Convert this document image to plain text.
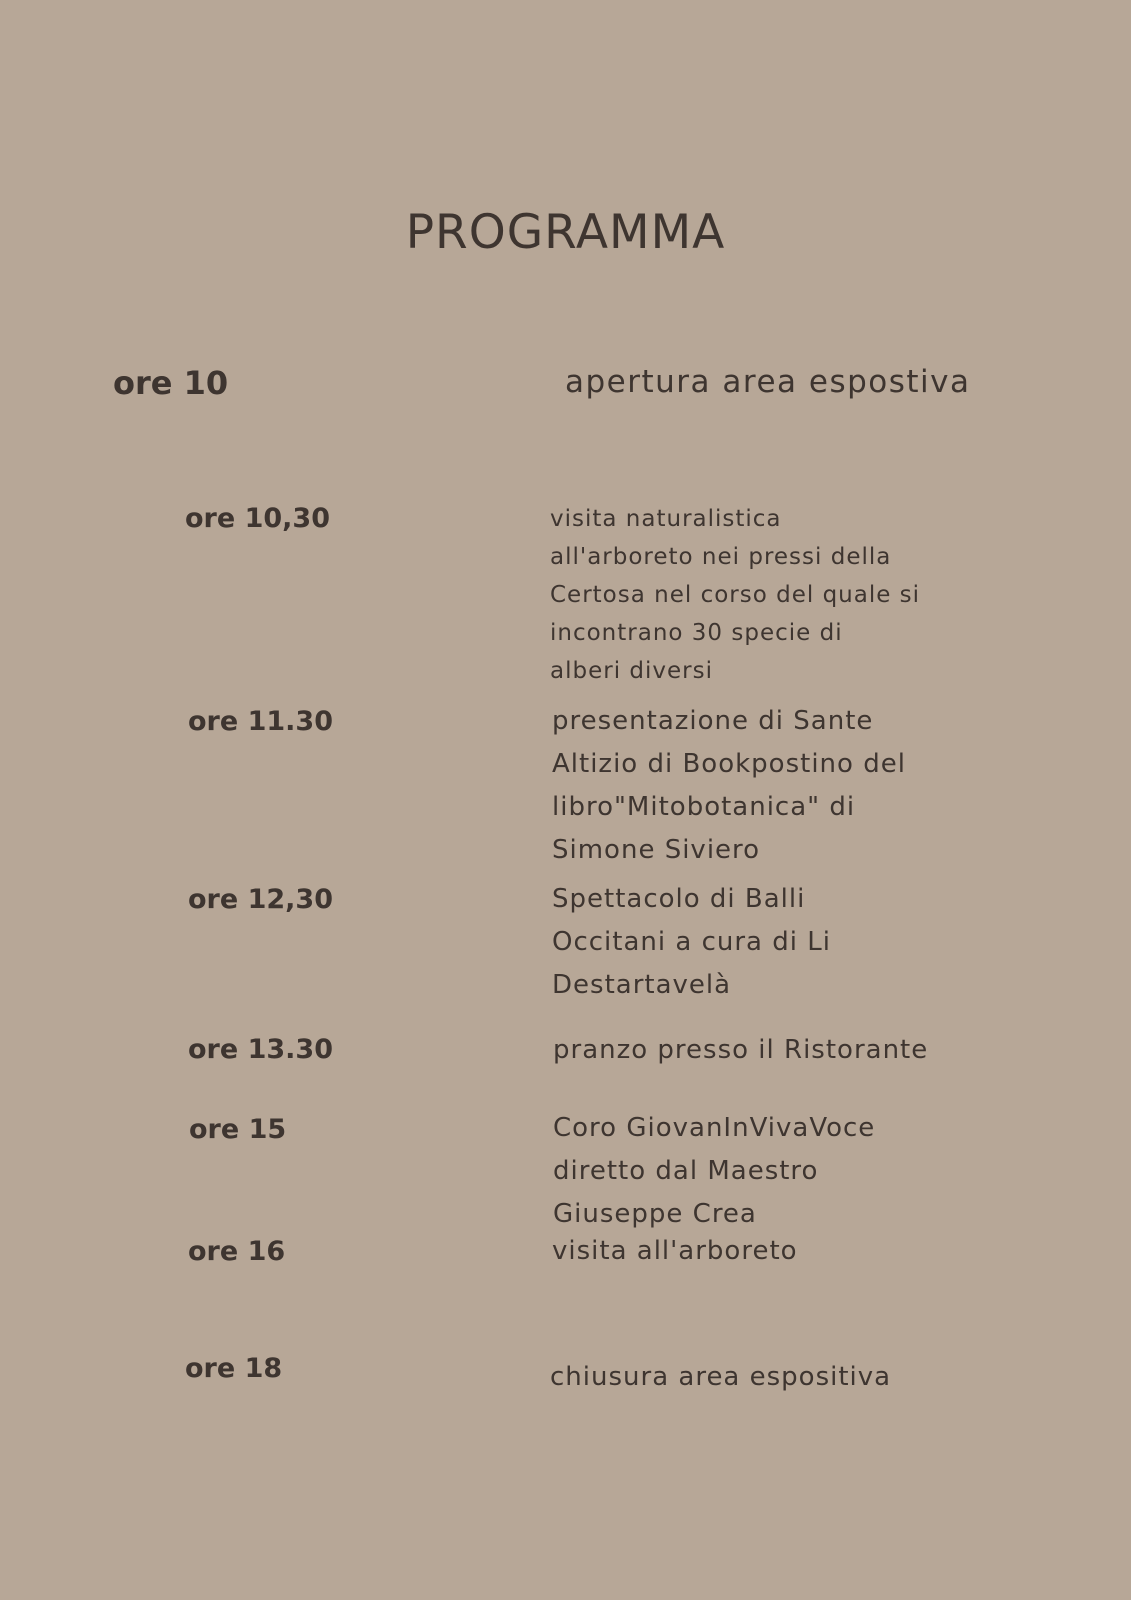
PROGRAMMA
ore 10	apertura area espostiva
ore 10,30	visita naturalistica
all'arboreto nei pressi della
Certosa nel corso del quale si
incontrano 30 specie di
alberi diversi
ore 11.30	presentazione di Sante
Altizio di Bookpostino del
libro"Mitobotanica" di
Simone Siviero
ore 12,30	Spettacolo di Balli
Occitani a cura di Li
Destartavelà
ore 13.30	pranzo presso il Ristorante
ore 15	Coro GiovanInVivaVoce
diretto dal Maestro
Giuseppe Crea
ore 16	visita all'arboreto
ore 18	chiusura area espositiva
